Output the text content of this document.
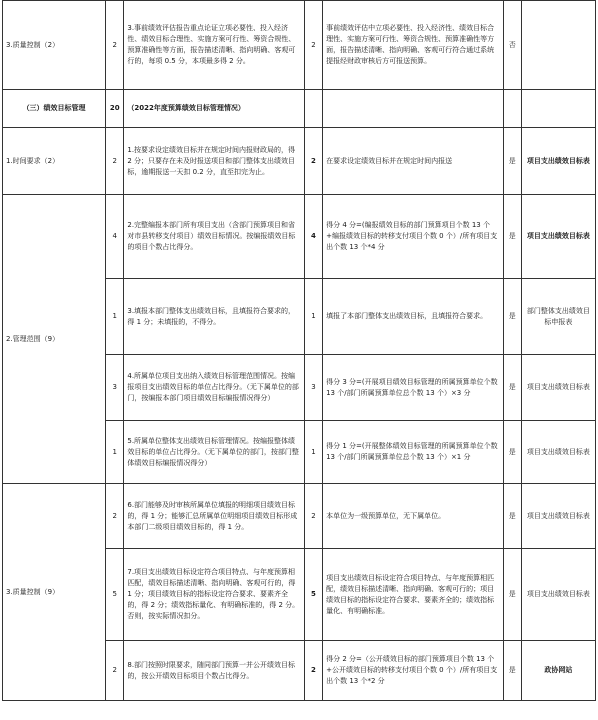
3.质量控制（2）	2	3.事前绩效评估报告重点论证立项必要性、投入经济性、绩效目标合理性、实施方案可行性、筹资合规性、预算准确性等方面，报告描述清晰、指向明确、客观可行的，每项 0.5 分，本项最多得 2 分。	2	事前绩效评估中立项必要性、投入经济性、绩效目标合理性、实施方案可行性、筹资合规性、预算准确性等方面，报告描述清晰、指向明确、客观可行符合通过系统提报经财政审核后方可报送预算。	否	
（三）绩效目标管理	20	（2022年度预算绩效目标管理情况）				
1.时间要求（2）	2	1.按要求设定绩效目标并在规定时间内报财政局的，得 2 分；只要存在未及时报送项目和部门整体支出绩效目标，逾期报送一天扣 0.2 分，直至扣完为止。	2	在要求设定绩效目标并在规定时间内报送	是	项目支出绩效目标表
2.管理范围（9）	4	2.完整编报本部门所有项目支出（含部门预算项目和省对市县转移支付项目）绩效目标情况。按编报绩效目标的项目个数占比得分。	4	得分 4 分=(编报绩效目标的部门预算项目个数 13 个+编报绩效目标的转移支付项目个数 0 个）/所有项目支出个数 13 个*4 分	是	项目支出绩效目标表
	1	3.填报本部门整体支出绩效目标，且填报符合要求的，得 1 分；未填报的，不得分。	1	填报了本部门整体支出绩效目标，且填报符合要求。	是	部门整体支出绩效目标申报表
	3	4.所属单位项目支出纳入绩效目标管理范围情况。按编报项目支出绩效目标的单位占比得分。（无下属单位的部门，按编报本部门项目绩效目标编报情况得分）	3	得分 3 分=(开展项目绩效目标管理的所属预算单位个数 13 个/部门所属预算单位总个数 13 个）×3 分	是	项目支出绩效目标表
	1	5.所属单位整体支出绩效目标管理情况。按编报整体绩效目标的单位占比得分。（无下属单位的部门，按部门整体绩效目标编报情况得分）	1	得分 1 分=(开展整体绩效目标管理的所属预算单位个数 13 个/部门所属预算单位总个数 13 个）×1 分	是	项目支出绩效目标表
3.质量控制（9）	2	6.部门能够及时审核所属单位填报的明细项目绩效目标的，得 1 分；能够汇总所属单位明细项目绩效目标形成本部门二级项目绩效目标的，得 1 分。	2	本单位为一级预算单位，无下属单位。	是	项目支出绩效目标表
	5	7.项目支出绩效目标设定符合项目特点、与年度预算相匹配，绩效目标描述清晰、指向明确、客观可行的，得 1 分；项目绩效目标的指标设定符合要求、要素齐全的，得 2 分；绩效指标量化、有明确标准的，得 2 分。否则，按实际情况扣分。	5	项目支出绩效目标设定符合项目特点、与年度预算相匹配，绩效目标描述清晰、指向明确、客观可行的；项目绩效目标的指标设定符合要求、要素齐全的；绩效指标量化、有明确标准。	是	项目支出绩效目标表
	2	8.部门按照时限要求，随同部门预算一并公开绩效目标的，按公开绩效目标项目个数占比得分。	2	得分 2 分=（公开绩效目标的部门预算项目个数 13 个+公开绩效目标的转移支付项目个数 0 个）/所有项目支出个数 13 个*2 分	是	政协网站
